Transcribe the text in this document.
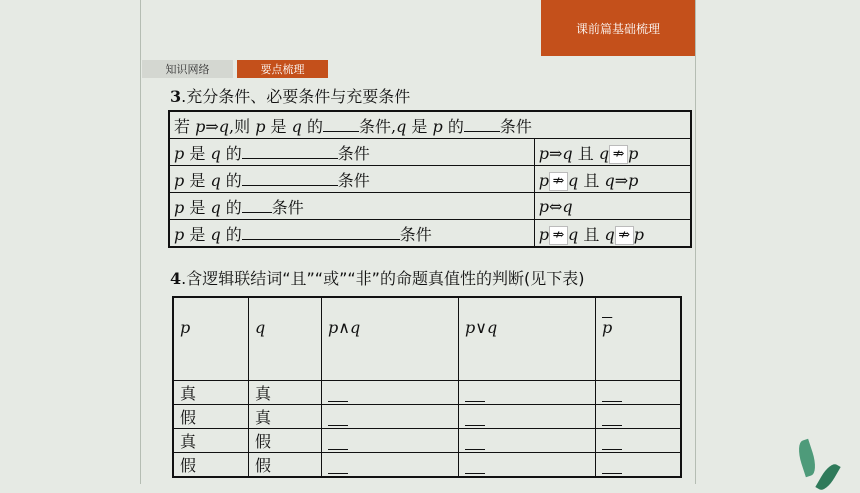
课前篇基础梳理
知识网络	要点梳理
3.充分条件、必要条件与充要条件
若 p⇒q,则 p 是 q 的 条件,q 是 p 的 条件	
p 是 q 的 条件	p⇒q 且 q ⇏ p
p 是 q 的 条件	p ⇏ q 且 q⇒p
p 是 q 的 条件	p⇔q
p 是 q 的 条件	p ⇏ q 且 q ⇏ p
4.含逻辑联结词“且”“或”“非”的命题真值性的判断(见下表)
p	q	p∧q	p∨q	$\overline{p}$
真	真			
假	真			
真	假			
假	假			
